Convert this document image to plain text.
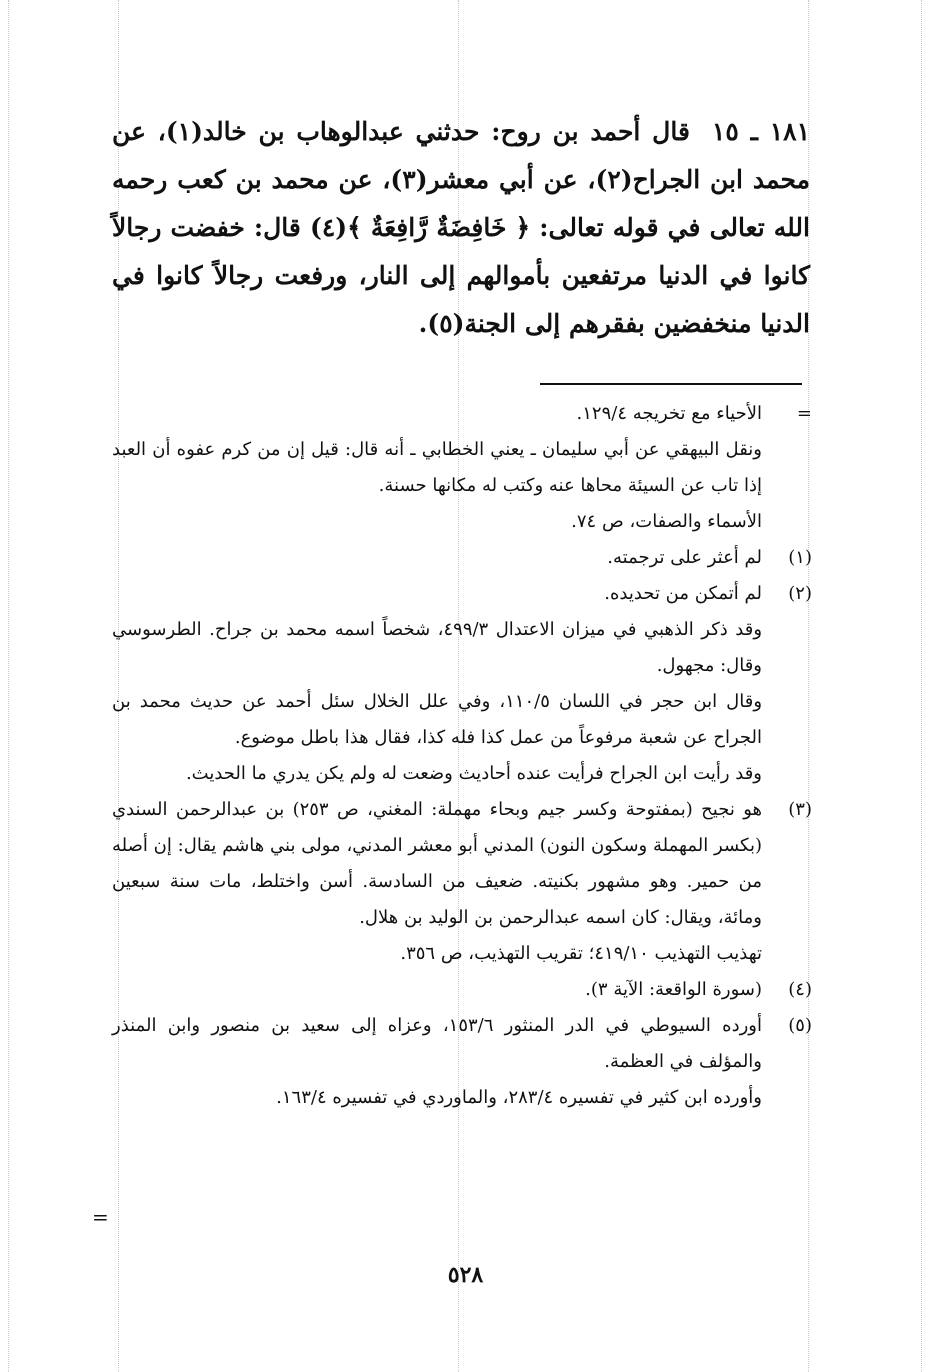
١٨١ ـ ١٥قال أحمد بن روح: حدثني عبدالوهاب بن خالد(١)، عن محمد ابن الجراح(٢)، عن أبي معشر(٣)، عن محمد بن كعب رحمه الله تعالى في قوله تعالى: ﴿ خَافِضَةٌ رَّافِعَةٌ ﴾(٤) قال: خفضت رجالاً كانوا في الدنيا مرتفعين بأموالهم إلى النار، ورفعت رجالاً كانوا في الدنيا منخفضين بفقرهم إلى الجنة(٥).

=

الأحياء مع تخريجه ١٢٩/٤.

ونقل البيهقي عن أبي سليمان ـ يعني الخطابي ـ أنه قال: قيل إن من كرم عفوه أن العبد إذا تاب عن السيئة محاها عنه وكتب له مكانها حسنة.

الأسماء والصفات، ص ٧٤.

(١)

لم أعثر على ترجمته.

(٢)

لم أتمكن من تحديده.

وقد ذكر الذهبي في ميزان الاعتدال ٤٩٩/٣، شخصاً اسمه محمد بن جراح. الطرسوسي وقال: مجهول.

وقال ابن حجر في اللسان ١١٠/٥، وفي علل الخلال سئل أحمد عن حديث محمد بن الجراح عن شعبة مرفوعاً من عمل كذا فله كذا، فقال هذا باطل موضوع.

وقد رأيت ابن الجراح فرأيت عنده أحاديث وضعت له ولم يكن يدري ما الحديث.

(٣)

هو نجيح (بمفتوحة وكسر جيم وبحاء مهملة: المغني، ص ٢٥٣) بن عبدالرحمن السندي (بكسر المهملة وسكون النون) المدني أبو معشر المدني، مولى بني هاشم يقال: إن أصله من حمير. وهو مشهور بكنيته. ضعيف من السادسة. أسن واختلط، مات سنة سبعين ومائة، ويقال: كان اسمه عبدالرحمن بن الوليد بن هلال.

تهذيب التهذيب ٤١٩/١٠؛ تقريب التهذيب، ص ٣٥٦.

(٤)

(سورة الواقعة: الآية ٣).

(٥)

أورده السيوطي في الدر المنثور ١٥٣/٦، وعزاه إلى سعيد بن منصور وابن المنذر والمؤلف في العظمة.

وأورده ابن كثير في تفسيره ٢٨٣/٤، والماوردي في تفسيره ١٦٣/٤.

=
٥٢٨
